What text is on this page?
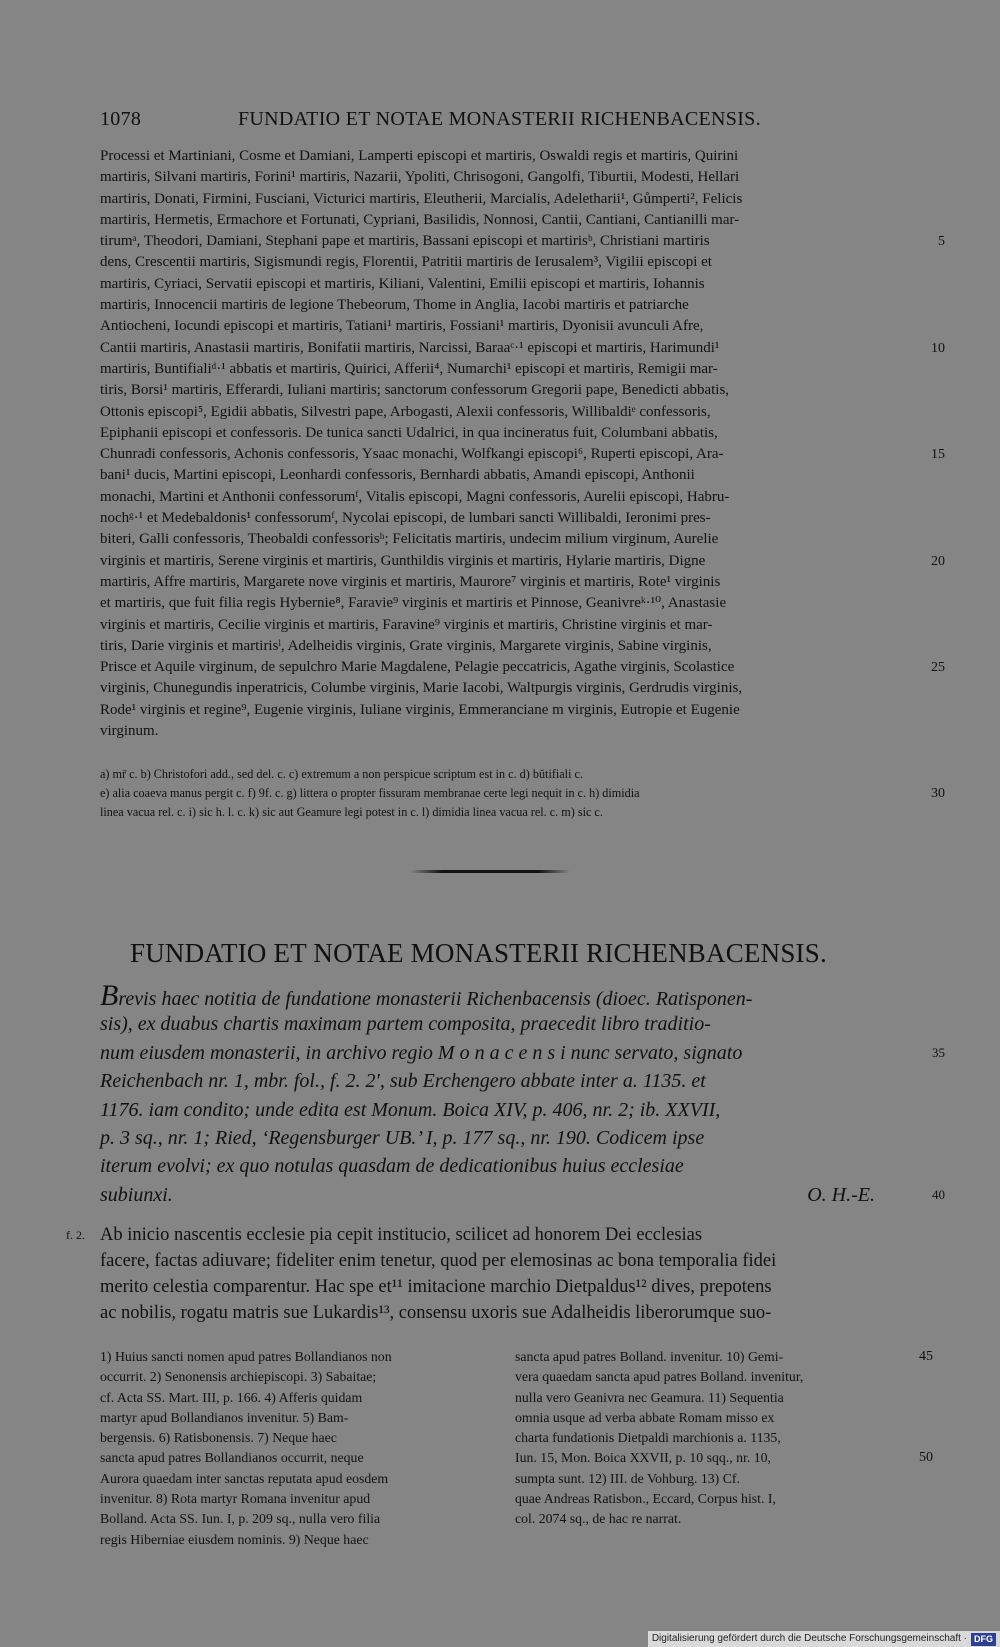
1078	FUNDATIO ET NOTAE MONASTERII RICHENBACENSIS.
Processi et Martiniani, Cosme et Damiani, Lamperti episcopi et martiris, Oswaldi regis et martiris, Quirini
martiris, Silvani martiris, Forini¹ martiris, Nazarii, Ypoliti, Chrisogoni, Gangolfi, Tiburtii, Modesti, Hellari
martiris, Donati, Firmini, Fusciani, Victurici martiris, Eleutherii, Marcialis, Adeletharii¹, Gůmperti², Felicis
martiris, Hermetis, Ermachore et Fortunati, Cypriani, Basilidis, Nonnosi, Cantii, Cantiani, Cantianilli mar-
tirumᵃ, Theodori, Damiani, Stephani pape et martiris, Bassani episcopi et martirisᵇ, Christiani martiris	5
dens, Crescentii martiris, Sigismundi regis, Florentii, Patritii martiris de Ierusalem³, Vigilii episcopi et
martiris, Cyriaci, Servatii episcopi et martiris, Kiliani, Valentini, Emilii episcopi et martiris, Iohannis
martiris, Innocencii martiris de legione Thebeorum, Thome in Anglia, Iacobi martiris et patriarche
Antiocheni, Iocundi episcopi et martiris, Tatiani¹ martiris, Fossiani¹ martiris, Dyonisii avunculi Afre,
Cantii martiris, Anastasii martiris, Bonifatii martiris, Narcissi, Baraaᶜ·¹ episcopi et martiris, Harimundi¹	10
martiris, Buntifialiᵈ·¹ abbatis et martiris, Quirici, Afferii⁴, Numarchi¹ episcopi et martiris, Remigii mar-
tiris, Borsi¹ martiris, Efferardi, Iuliani martiris; sanctorum confessorum Gregorii pape, Benedicti abbatis,
Ottonis episcopi⁵, Egidii abbatis, Silvestri pape, Arbogasti, Alexii confessoris, Willibaldiᵉ confessoris,
Epiphanii episcopi et confessoris. De tunica sancti Udalrici, in qua incineratus fuit, Columbani abbatis,
Chunradi confessoris, Achonis confessoris, Ysaac monachi, Wolfkangi episcopi⁶, Ruperti episcopi, Ara-	15
bani¹ ducis, Martini episcopi, Leonhardi confessoris, Bernhardi abbatis, Amandi episcopi, Anthonii
monachi, Martini et Anthonii confessorumᶠ, Vitalis episcopi, Magni confessoris, Aurelii episcopi, Habru-
nochᵍ·¹ et Medebaldonis¹ confessorumᶠ, Nycolai episcopi, de lumbari sancti Willibaldi, Ieronimi pres-
biteri, Galli confessoris, Theobaldi confessorisʰ; Felicitatis martiris, undecim milium virginum, Aurelie
virginis et martiris, Serene virginis et martiris, Gunthildis virginis et martiris, Hylarie martiris, Digne	20
martiris, Affre martiris, Margarete nove virginis et martiris, Maurore⁷ virginis et martiris, Rote¹ virginis
et martiris, que fuit filia regis Hybernie⁸, Faravie⁹ virginis et martiris et Pinnose, Geanivreᵏ·¹⁰, Anastasie
virginis et martiris, Cecilie virginis et martiris, Faravine⁹ virginis et martiris, Christine virginis et mar-
tiris, Darie virginis et martirisˡ, Adelheidis virginis, Grate virginis, Margarete virginis, Sabine virginis,
Prisce et Aquile virginum, de sepulchro Marie Magdalene, Pelagie peccatricis, Agathe virginis, Scolastice	25
virginis, Chunegundis inperatricis, Columbe virginis, Marie Iacobi, Waltpurgis virginis, Gerdrudis virginis,
Rode¹ virginis et regine⁹, Eugenie virginis, Iuliane virginis, Emmeranciane m virginis, Eutropie et Eugenie
virginum.
a) mr̄ c. b) Christofori add., sed del. c. c) extremum a non perspicue scriptum est in c. d) bŭtifiali c.
e) alia coaeva manus pergit c. f) 9f. c. g) littera o propter fissuram membranae certe legi nequit in c. h) dimidia	30
linea vacua rel. c. i) sic h. l. c. k) sic aut Geamure legi potest in c. l) dimidia linea vacua rel. c. m) sic c.
FUNDATIO ET NOTAE MONASTERII RICHENBACENSIS.
Brevis haec notitia de fundatione monasterii Richenbacensis (dioec. Ratisponen-
sis), ex duabus chartis maximam partem composita, praecedit libro traditio-
num eiusdem monasterii, in archivo regio M o n a c e n s i nunc servato, signato	35
Reichenbach nr. 1, mbr. fol., f. 2. 2′, sub Erchengero abbate inter a. 1135. et
1176. iam condito; unde edita est Monum. Boica XIV, p. 406, nr. 2; ib. XXVII,
p. 3 sq., nr. 1; Ried, ‘Regensburger UB.’ I, p. 177 sq., nr. 190. Codicem ipse
iterum evolvi; ex quo notulas quasdam de dedicationibus huius ecclesiae
subiunxi.	40
O. H.-E.
Ab inicio nascentis ecclesie pia cepit institucio, scilicet ad honorem Dei ecclesias
facere, factas adiuvare; fideliter enim tenetur, quod per elemosinas ac bona temporalia fidei
merito celestia comparentur. Hac spe et¹¹ imitacione marchio Dietpaldus¹² dives, prepotens
ac nobilis, rogatu matris sue Lukardis¹³, consensu uxoris sue Adalheidis liberorumque suo-
f. 2.
1) Huius sancti nomen apud patres Bollandianos non
occurrit. 2) Senonensis archiepiscopi. 3) Sabaitae;
cf. Acta SS. Mart. III, p. 166. 4) Afferis quidam
martyr apud Bollandianos invenitur. 5) Bam-
bergensis. 6) Ratisbonensis. 7) Neque haec
sancta apud patres Bollandianos occurrit, neque
Aurora quaedam inter sanctas reputata apud eosdem
invenitur. 8) Rota martyr Romana invenitur apud
Bolland. Acta SS. Iun. I, p. 209 sq., nulla vero filia
regis Hiberniae eiusdem nominis. 9) Neque haec
sancta apud patres Bolland. invenitur. 10) Gemi-	45
vera quaedam sancta apud patres Bolland. invenitur,
nulla vero Geanivra nec Geamura. 11) Sequentia
omnia usque ad verba abbate Romam misso ex
charta fundationis Dietpaldi marchionis a. 1135,
Iun. 15, Mon. Boica XXVII, p. 10 sqq., nr. 10,	50
sumpta sunt. 12) III. de Vohburg. 13) Cf.
quae Andreas Ratisbon., Eccard, Corpus hist. I,
col. 2074 sq., de hac re narrat.
Digitalisierung gefördert durch die Deutsche Forschungsgemeinschaft · DFG
